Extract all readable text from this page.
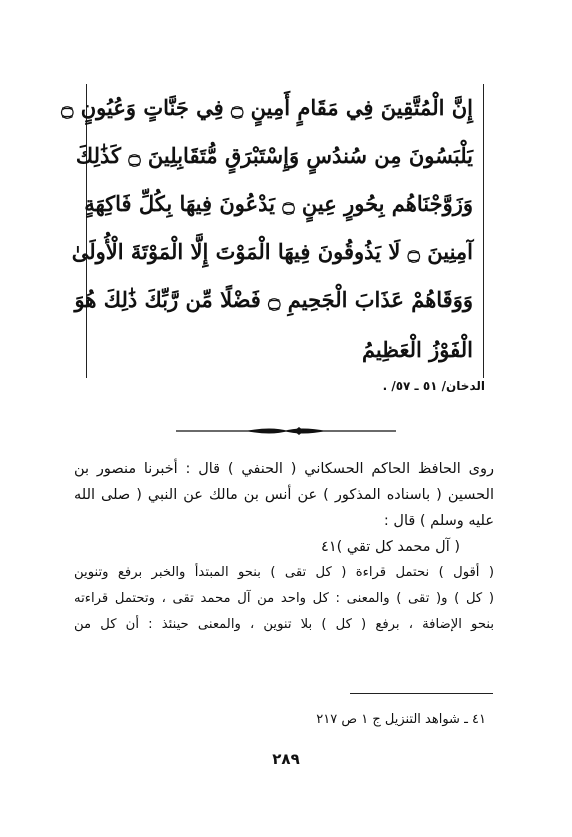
إِنَّ الْمُتَّقِينَ فِي مَقَامٍ أَمِينٍ ۝ فِي جَنَّاتٍ وَعُيُونٍ ۝
يَلْبَسُونَ مِن سُندُسٍ وَإِسْتَبْرَقٍ مُّتَقَابِلِينَ ۝ كَذَٰلِكَ
وَزَوَّجْنَاهُم بِحُورٍ عِينٍ ۝ يَدْعُونَ فِيهَا بِكُلِّ فَاكِهَةٍ
آمِنِينَ ۝ لَا يَذُوقُونَ فِيهَا الْمَوْتَ إِلَّا الْمَوْتَةَ الْأُولَىٰ
وَوَقَاهُمْ عَذَابَ الْجَحِيمِ ۝ فَضْلًا مِّن رَّبِّكَ ذَٰلِكَ هُوَ
الْفَوْزُ الْعَظِيمُ
الدخان/ ٥١ ـ ٥٧/ .
روى الحافظ الحاكم الحسكاني ( الحنفي ) قال : أخبرنا منصور بن
الحسين ( باسناده المذكور ) عن أنس بن مالك عن النبي ( صلى الله
عليه وسلم ) قال :
( آل محمد كل تقي )٤١
( أقول ) نحتمل قراءة ( كل تقى ) بنحو المبتدأ والخبر برفع وتنوين
( كل ) و( تقى ) والمعنى : كل واحد من آل محمد تقى ، وتحتمل قراءته
بنحو الإضافة ، برفع ( كل ) بلا تنوين ، والمعنى حينئذ : أن كل من
٤١ ـ شواهد التنزيل ج ١ ص ٢١٧
٢٨٩
